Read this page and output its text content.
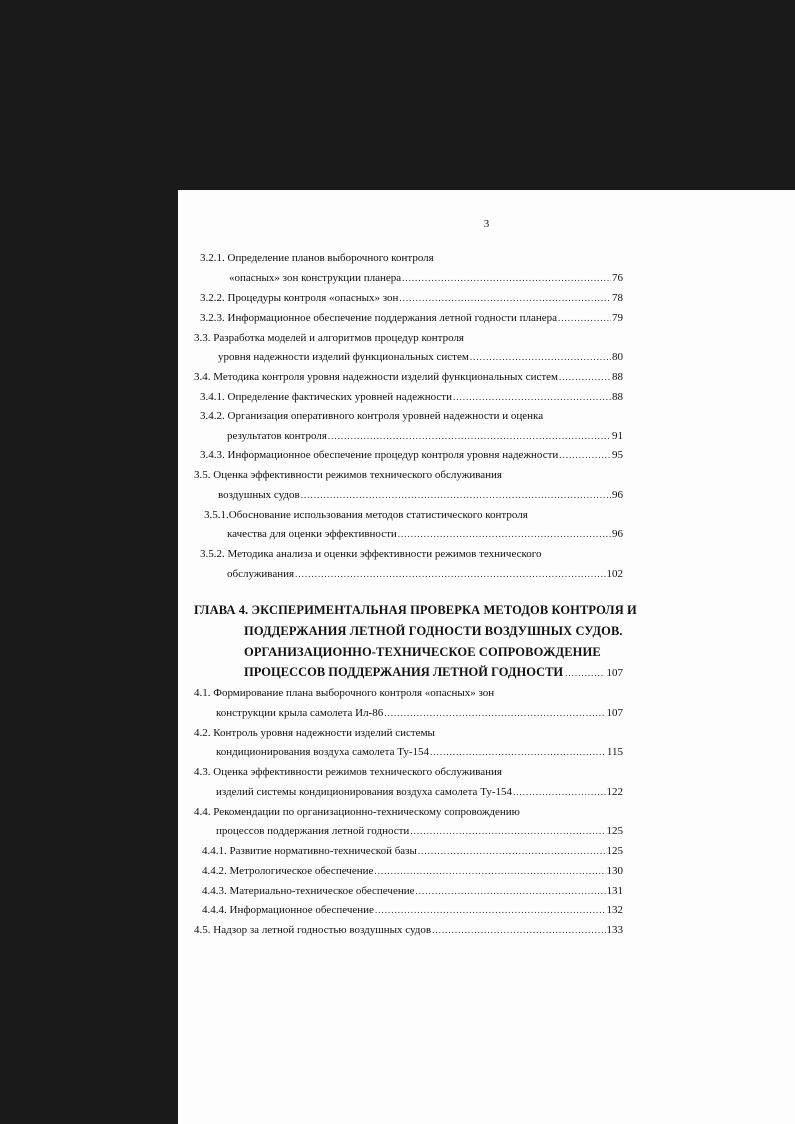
3
3.2.1. Определение планов выборочного контроля
«опасных» зон конструкции планера .....	76
3.2.2. Процедуры контроля «опасных» зон .....	78
3.2.3. Информационное обеспечение поддержания летной годности планера .....	79
3.3. Разработка моделей и алгоритмов процедур контроля
уровня надежности изделий функциональных систем .....	80
3.4. Методика контроля уровня надежности изделий функциональных систем .....	88
3.4.1. Определение фактических уровней надежности .....	88
3.4.2. Организация оперативного контроля уровней надежности и оценка
результатов контроля .....	91
3.4.3. Информационное обеспечение процедур контроля уровня надежности .....	95
3.5. Оценка эффективности режимов технического обслуживания
воздушных судов .....	96
3.5.1.Обоснование использования методов статистического контроля
качества для оценки эффективности .....	96
3.5.2. Методика анализа и оценки эффективности режимов технического
обслуживания .....	102
ГЛАВА 4. ЭКСПЕРИМЕНТАЛЬНАЯ ПРОВЕРКА МЕТОДОВ КОНТРОЛЯ И
ПОДДЕРЖАНИЯ ЛЕТНОЙ ГОДНОСТИ ВОЗДУШНЫХ СУДОВ.
ОРГАНИЗАЦИОННО-ТЕХНИЧЕСКОЕ СОПРОВОЖДЕНИЕ
ПРОЦЕССОВ ПОДДЕРЖАНИЯ ЛЕТНОЙ ГОДНОСТИ .....	107
4.1. Формирование плана выборочного контроля «опасных» зон
конструкции крыла самолета Ил-86 .....	107
4.2. Контроль уровня надежности изделий системы
кондиционирования воздуха самолета Ту-154 .....	115
4.3. Оценка эффективности режимов технического обслуживания
изделий системы кондиционирования воздуха самолета Ту-154 .....	122
4.4. Рекомендации по организационно-техническому сопровождению
процессов поддержания летной годности .....	125
4.4.1. Развитие нормативно-технической базы .....	125
4.4.2. Метрологическое обеспечение .....	130
4.4.3. Материально-техническое обеспечение .....	131
4.4.4. Информационное обеспечение .....	132
4.5. Надзор за летной годностью воздушных судов .....	133
